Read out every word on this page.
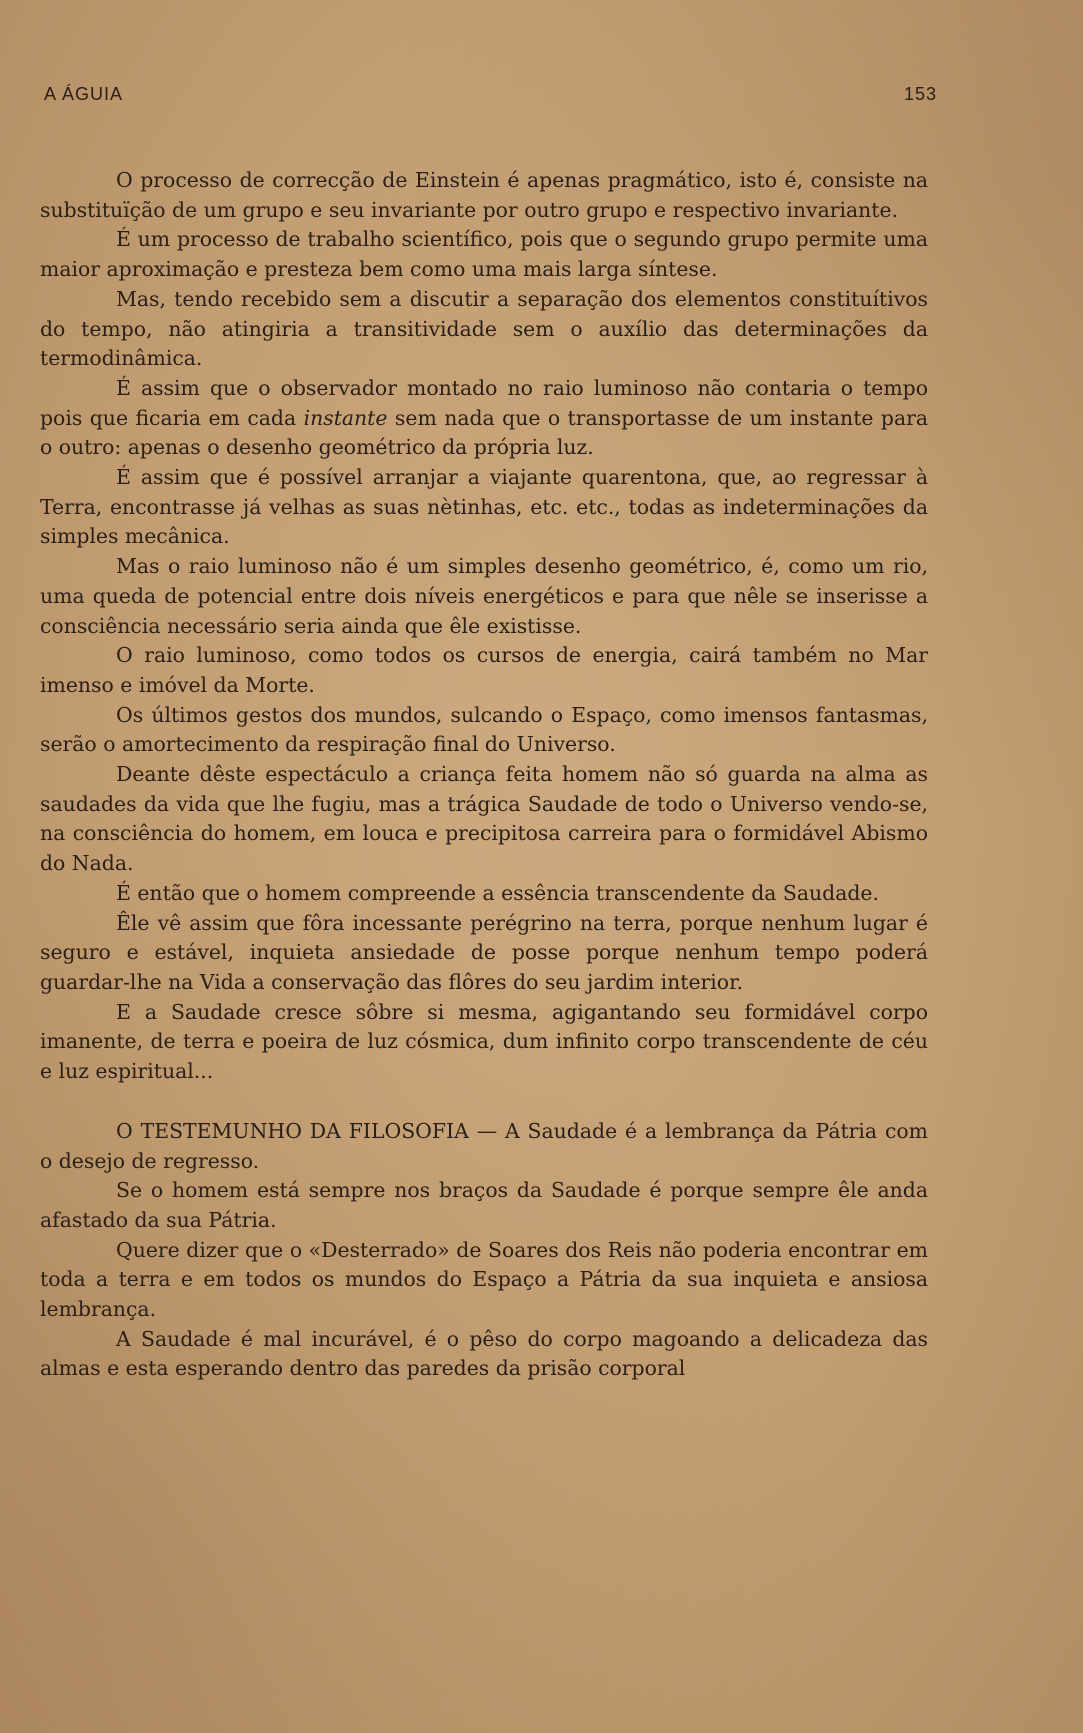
A ÁGUIA	153

O processo de correcção de Einstein é apenas pragmático, isto é, consiste na substituïção de um grupo e seu invariante por outro grupo e respectivo invariante.

É um processo de trabalho scientífico, pois que o segundo grupo permite uma maior aproximação e presteza bem como uma mais larga síntese.

Mas, tendo recebido sem a discutir a separação dos elementos constituítivos do tempo, não atingiria a transitividade sem o auxílio das determinações da termodinâmica.

É assim que o observador montado no raio luminoso não contaria o tempo pois que ficaria em cada instante sem nada que o transportasse de um instante para o outro: apenas o desenho geométrico da própria luz.

É assim que é possível arranjar a viajante quarentona, que, ao regressar à Terra, encontrasse já velhas as suas nètinhas, etc. etc., todas as indeterminações da simples mecânica.

Mas o raio luminoso não é um simples desenho geométrico, é, como um rio, uma queda de potencial entre dois níveis energéticos e para que nêle se inserisse a consciência necessário seria ainda que êle existisse.

O raio luminoso, como todos os cursos de energia, cairá também no Mar imenso e imóvel da Morte.

Os últimos gestos dos mundos, sulcando o Espaço, como imensos fantasmas, serão o amortecimento da respiração final do Universo.

Deante dêste espectáculo a criança feita homem não só guarda na alma as saudades da vida que lhe fugiu, mas a trágica Saudade de todo o Universo vendo-se, na consciência do homem, em louca e precipitosa carreira para o formidável Abismo do Nada.

É então que o homem compreende a essência transcendente da Saudade.

Êle vê assim que fôra incessante perégrino na terra, porque nenhum lugar é seguro e estável, inquieta ansiedade de posse porque nenhum tempo poderá guardar-lhe na Vida a conservação das flôres do seu jardim interior.

E a Saudade cresce sôbre si mesma, agigantando seu formidável corpo imanente, de terra e poeira de luz cósmica, dum infinito corpo transcendente de céu e luz espiritual...

O TESTEMUNHO DA FILOSOFIA — A Saudade é a lembrança da Pátria com o desejo de regresso.

Se o homem está sempre nos braços da Saudade é porque sempre êle anda afastado da sua Pátria.

Quere dizer que o «Desterrado» de Soares dos Reis não poderia encontrar em toda a terra e em todos os mundos do Espaço a Pátria da sua inquieta e ansiosa lembrança.

A Saudade é mal incurável, é o pêso do corpo magoando a delicadeza das almas e esta esperando dentro das paredes da prisão corporal
